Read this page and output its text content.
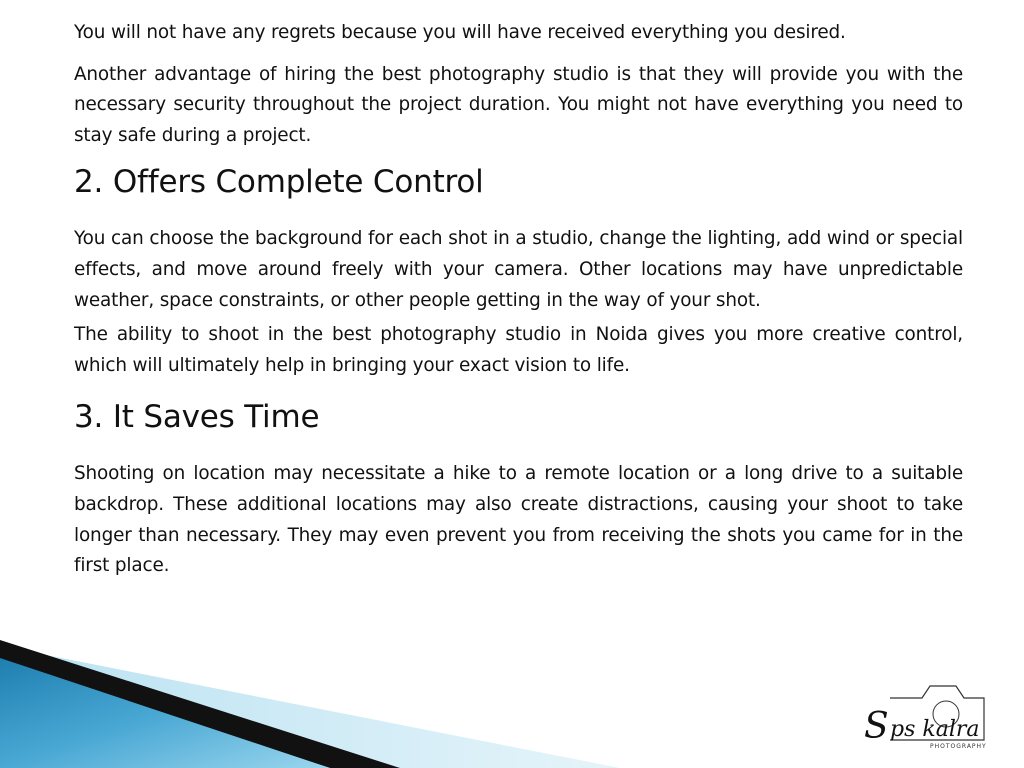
You will not have any regrets because you will have received everything you desired.

Another advantage of hiring the best photography studio is that they will provide you with the necessary security throughout the project duration. You might not have everything you need to stay safe during a project.

2. Offers Complete Control

You can choose the background for each shot in a studio, change the lighting, add wind or special effects, and move around freely with your camera. Other locations may have unpredictable weather, space constraints, or other people getting in the way of your shot.

The ability to shoot in the best photography studio in Noida gives you more creative control, which will ultimately help in bringing your exact vision to life.

3. It Saves Time

Shooting on location may necessitate a hike to a remote location or a long drive to a suitable backdrop. These additional locations may also create distractions, causing your shoot to take longer than necessary. They may even prevent you from receiving the shots you came for in the first place.

S ps kalra
PHOTOGRAPHY
